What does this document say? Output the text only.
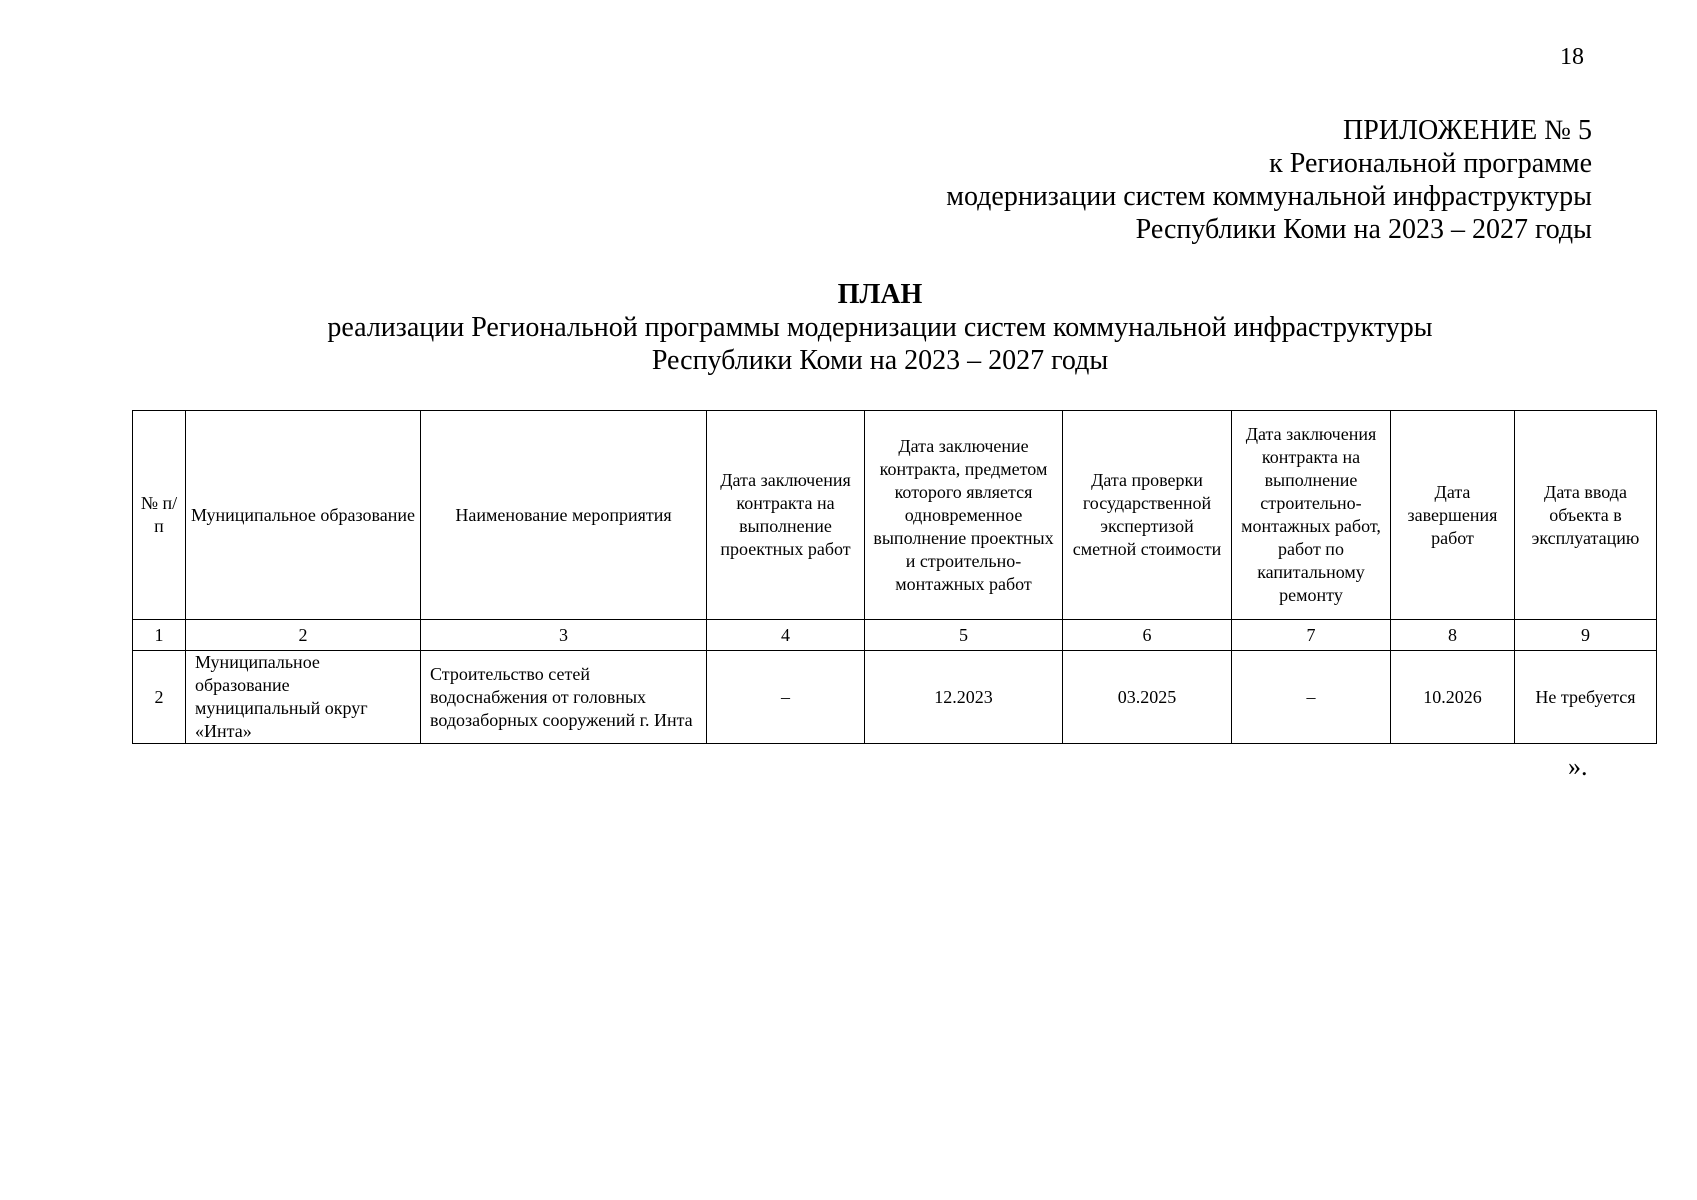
18
ПРИЛОЖЕНИЕ № 5
к Региональной программе
модернизации систем коммунальной инфраструктуры
Республики Коми на 2023 – 2027 годы
ПЛАН
реализации Региональной программы модернизации систем коммунальной инфраструктуры
Республики Коми на 2023 – 2027 годы
№ п/п	Муниципальное образование	Наименование мероприятия	Дата заключения контракта на выполнение проектных работ	Дата заключение контракта, предметом которого является одновременное выполнение проектных и строительно-монтажных работ	Дата проверки государственной экспертизой сметной стоимости	Дата заключения контракта на выполнение строительно-монтажных работ, работ по капитальному ремонту	Дата завершения работ	Дата ввода объекта в эксплуатацию
1	2	3	4	5	6	7	8	9
2	Муниципальное образование муниципальный округ «Инта»	Строительство сетей водоснабжения от головных водозаборных сооружений г. Инта	–	12.2023	03.2025	–	10.2026	Не требуется
».
